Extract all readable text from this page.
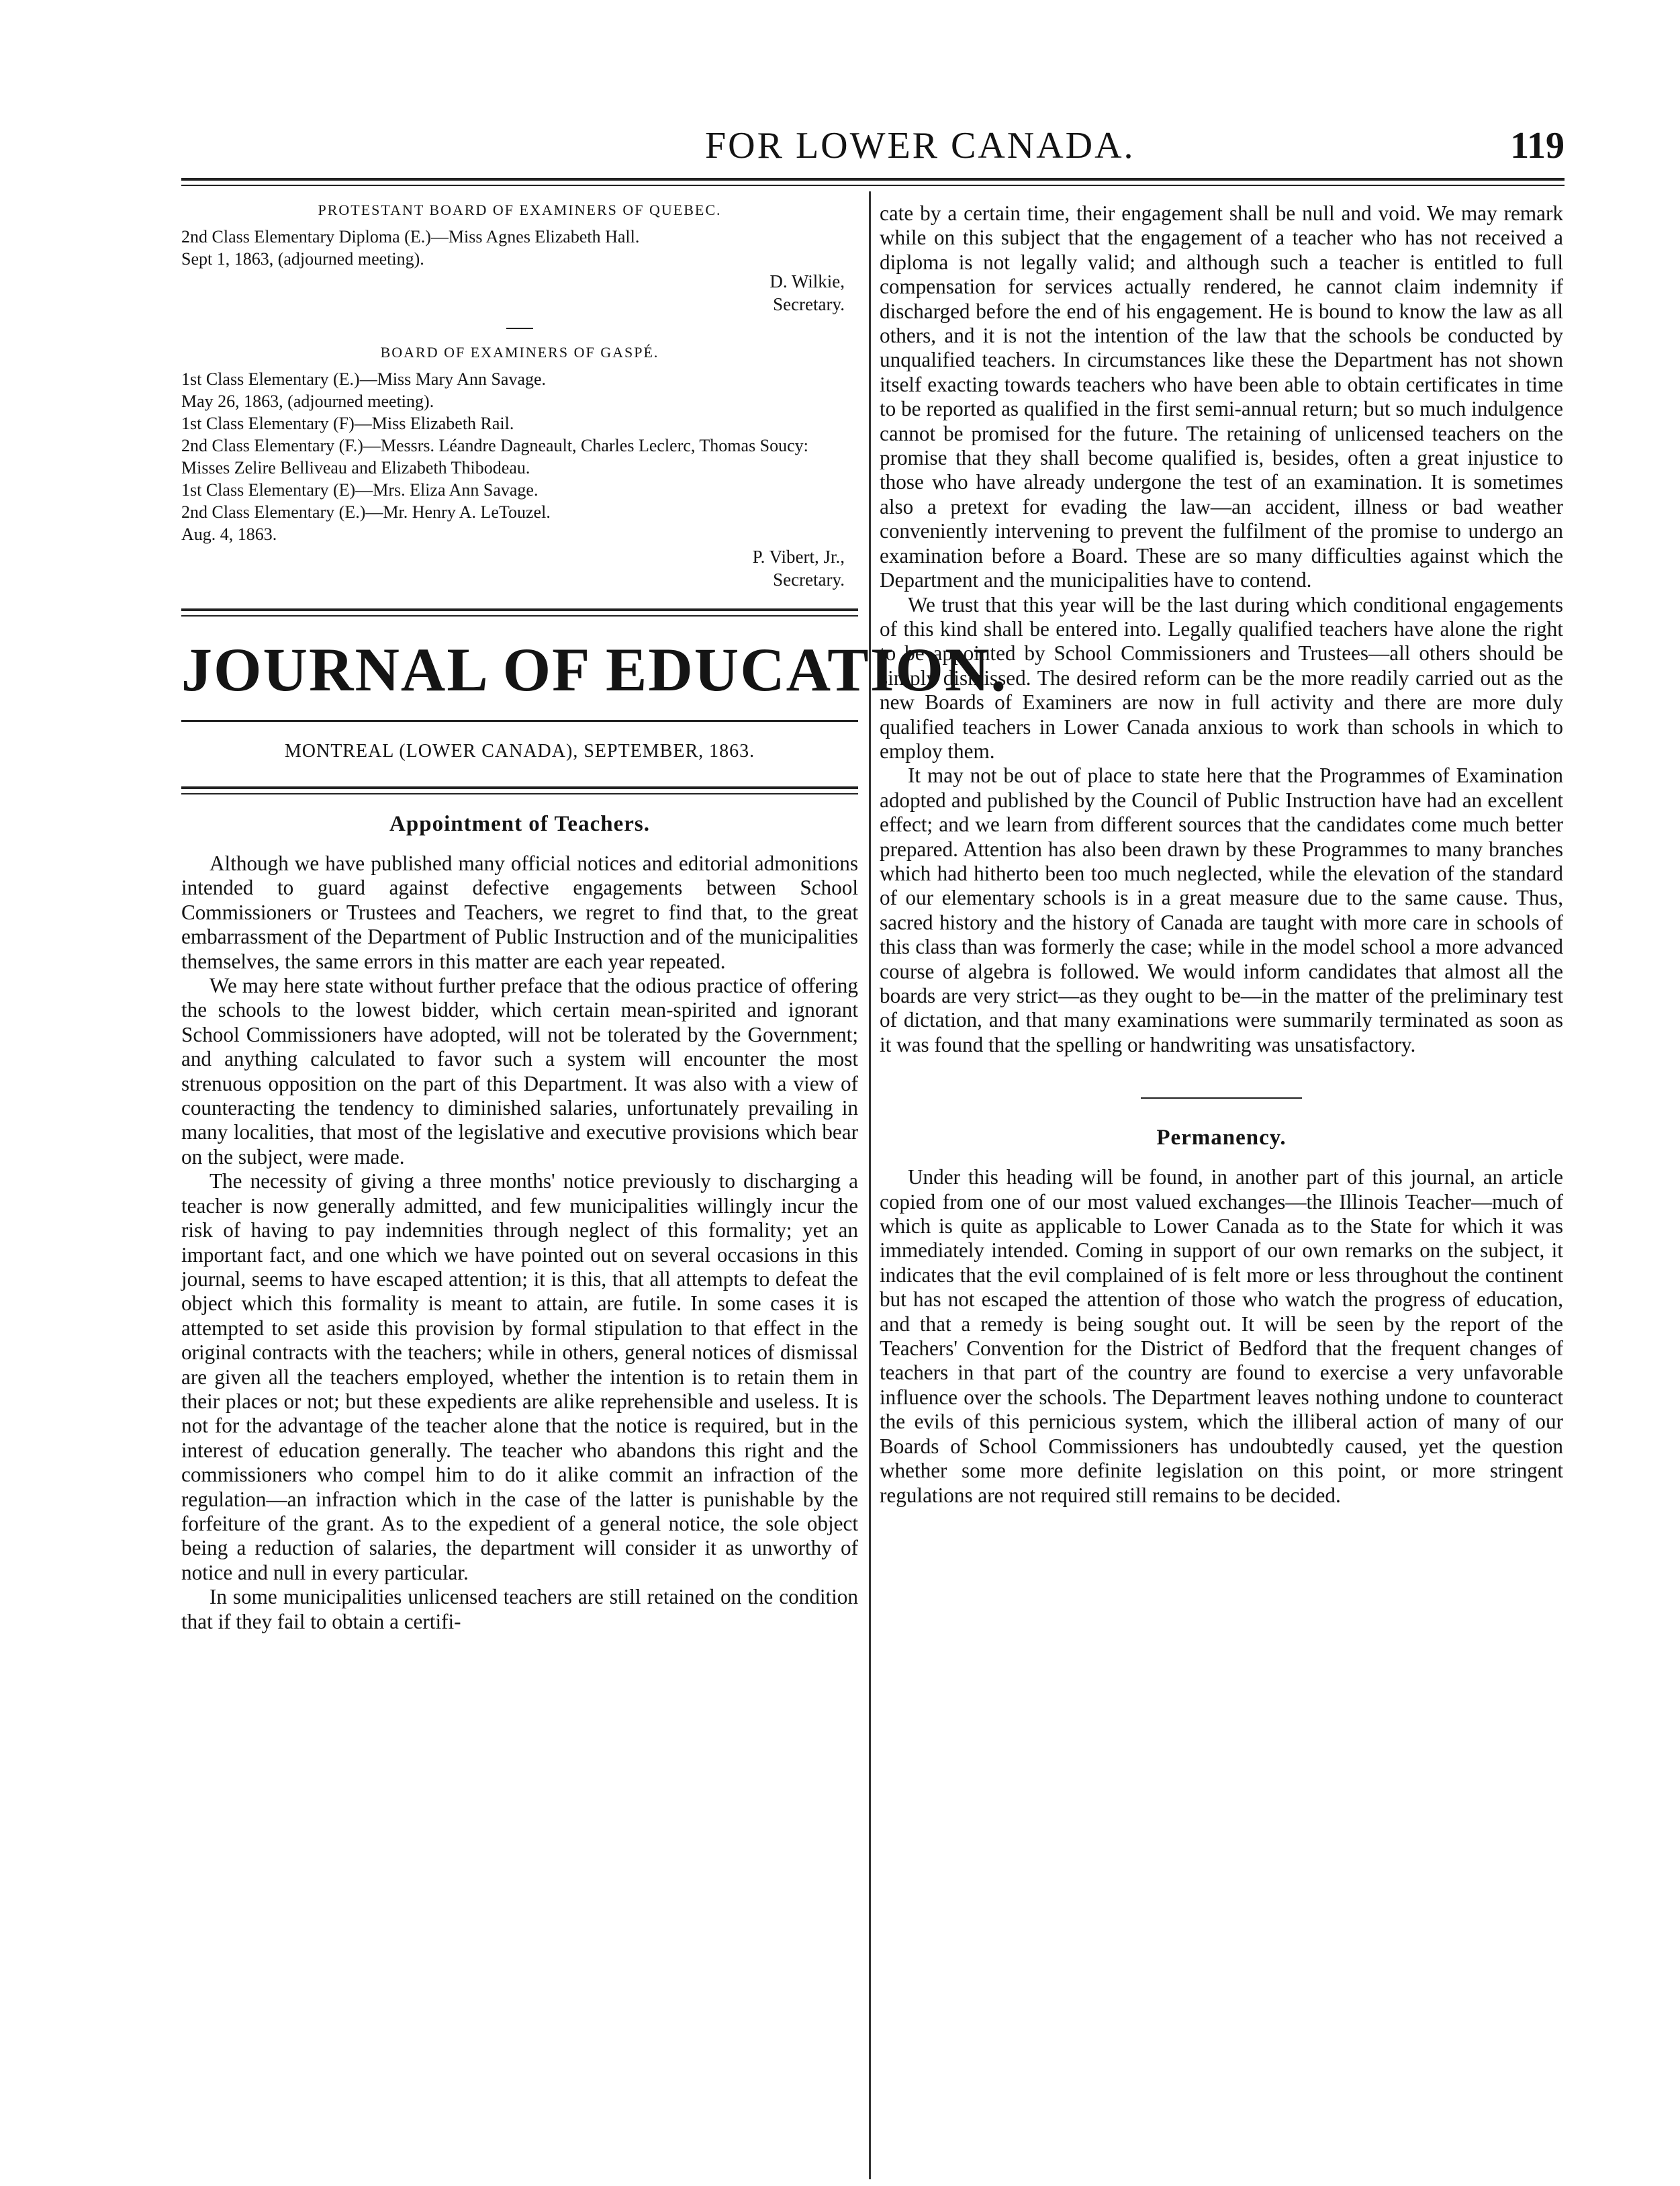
FOR LOWER CANADA.	119
PROTESTANT BOARD OF EXAMINERS OF QUEBEC.
2nd Class Elementary Diploma (E.)—Miss Agnes Elizabeth Hall.
Sept 1, 1863, (adjourned meeting).
D. Wilkie,
Secretary.
BOARD OF EXAMINERS OF GASPÉ.
1st Class Elementary (E.)—Miss Mary Ann Savage.
May 26, 1863, (adjourned meeting).
1st Class Elementary (F)—Miss Elizabeth Rail.
2nd Class Elementary (F.)—Messrs. Léandre Dagneault, Charles Leclerc, Thomas Soucy: Misses Zelire Belliveau and Elizabeth Thibodeau.
1st Class Elementary (E)—Mrs. Eliza Ann Savage.
2nd Class Elementary (E.)—Mr. Henry A. LeTouzel.
Aug. 4, 1863.
P. Vibert, Jr.,
Secretary.
JOURNAL OF EDUCATION.
MONTREAL (LOWER CANADA), SEPTEMBER, 1863.
Appointment of Teachers.

Although we have published many official notices and editorial admonitions intended to guard against defective engagements between School Commissioners or Trustees and Teachers, we regret to find that, to the great embarrassment of the Department of Public Instruction and of the municipalities themselves, the same errors in this matter are each year repeated.

We may here state without further preface that the odious practice of offering the schools to the lowest bidder, which certain mean-spirited and ignorant School Commissioners have adopted, will not be tolerated by the Government; and anything calculated to favor such a system will encounter the most strenuous opposition on the part of this Department. It was also with a view of counteracting the tendency to diminished salaries, unfortunately prevailing in many localities, that most of the legislative and executive provisions which bear on the subject, were made.

The necessity of giving a three months' notice previously to discharging a teacher is now generally admitted, and few municipalities willingly incur the risk of having to pay indemnities through neglect of this formality; yet an important fact, and one which we have pointed out on several occasions in this journal, seems to have escaped attention; it is this, that all attempts to defeat the object which this formality is meant to attain, are futile. In some cases it is attempted to set aside this provision by formal stipulation to that effect in the original contracts with the teachers; while in others, general notices of dismissal are given all the teachers employed, whether the intention is to retain them in their places or not; but these expedients are alike reprehensible and useless. It is not for the advantage of the teacher alone that the notice is required, but in the interest of education generally. The teacher who abandons this right and the commissioners who compel him to do it alike commit an infraction of the regulation—an infraction which in the case of the latter is punishable by the forfeiture of the grant. As to the expedient of a general notice, the sole object being a reduction of salaries, the department will consider it as unworthy of notice and null in every particular.

In some municipalities unlicensed teachers are still retained on the condition that if they fail to obtain a certifi-

cate by a certain time, their engagement shall be null and void. We may remark while on this subject that the engagement of a teacher who has not received a diploma is not legally valid; and although such a teacher is entitled to full compensation for services actually rendered, he cannot claim indemnity if discharged before the end of his engagement. He is bound to know the law as all others, and it is not the intention of the law that the schools be conducted by unqualified teachers. In circumstances like these the Department has not shown itself exacting towards teachers who have been able to obtain certificates in time to be reported as qualified in the first semi-annual return; but so much indulgence cannot be promised for the future. The retaining of unlicensed teachers on the promise that they shall become qualified is, besides, often a great injustice to those who have already undergone the test of an examination. It is sometimes also a pretext for evading the law—an accident, illness or bad weather conveniently intervening to prevent the fulfilment of the promise to undergo an examination before a Board. These are so many difficulties against which the Department and the municipalities have to contend.

We trust that this year will be the last during which conditional engagements of this kind shall be entered into. Legally qualified teachers have alone the right to be appointed by School Commissioners and Trustees—all others should be simply dismissed. The desired reform can be the more readily carried out as the new Boards of Examiners are now in full activity and there are more duly qualified teachers in Lower Canada anxious to work than schools in which to employ them.

It may not be out of place to state here that the Programmes of Examination adopted and published by the Council of Public Instruction have had an excellent effect; and we learn from different sources that the candidates come much better prepared. Attention has also been drawn by these Programmes to many branches which had hitherto been too much neglected, while the elevation of the standard of our elementary schools is in a great measure due to the same cause. Thus, sacred history and the history of Canada are taught with more care in schools of this class than was formerly the case; while in the model school a more advanced course of algebra is followed. We would inform candidates that almost all the boards are very strict—as they ought to be—in the matter of the preliminary test of dictation, and that many examinations were summarily terminated as soon as it was found that the spelling or handwriting was unsatisfactory.

Permanency.

Under this heading will be found, in another part of this journal, an article copied from one of our most valued exchanges—the Illinois Teacher—much of which is quite as applicable to Lower Canada as to the State for which it was immediately intended. Coming in support of our own remarks on the subject, it indicates that the evil complained of is felt more or less throughout the continent but has not escaped the attention of those who watch the progress of education, and that a remedy is being sought out. It will be seen by the report of the Teachers' Convention for the District of Bedford that the frequent changes of teachers in that part of the country are found to exercise a very unfavorable influence over the schools. The Department leaves nothing undone to counteract the evils of this pernicious system, which the illiberal action of many of our Boards of School Commissioners has undoubtedly caused, yet the question whether some more definite legislation on this point, or more stringent regulations are not required still remains to be decided.
